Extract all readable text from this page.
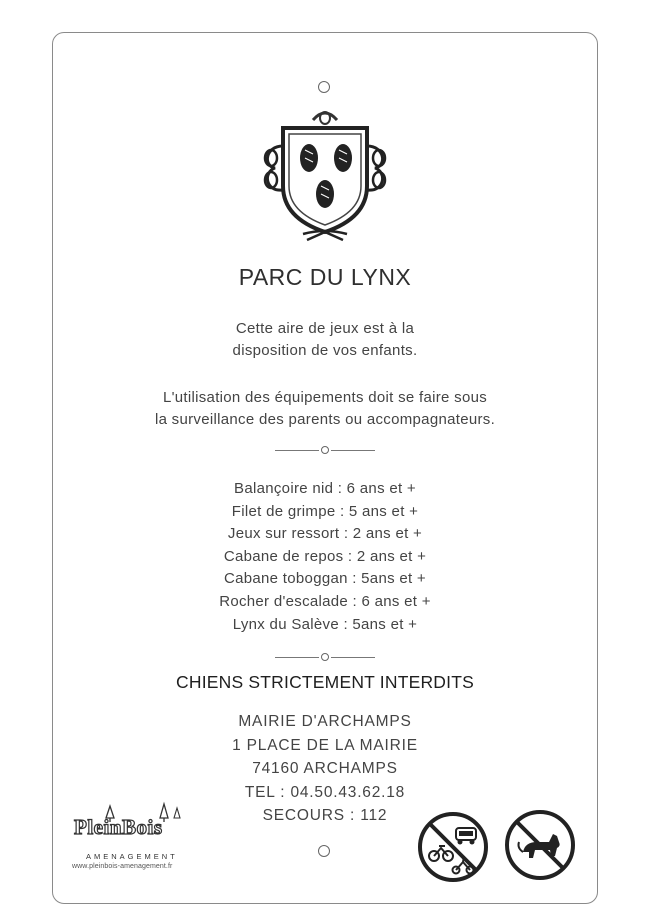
PARC DU LYNX
Cette aire de jeux est à la
disposition de vos enfants.
L'utilisation des équipements doit se faire sous
la surveillance des parents ou accompagnateurs.
Balançoire nid : 6 ans et +
Filet de grimpe : 5 ans et +
Jeux sur ressort : 2 ans et +
Cabane de repos : 2 ans et +
Cabane toboggan : 5ans et +
Rocher d'escalade : 6 ans et +
Lynx du Salève : 5ans et +
CHIENS STRICTEMENT INTERDITS
MAIRIE D'ARCHAMPS
1 PLACE DE LA MAIRIE
74160 ARCHAMPS
TEL : 04.50.43.62.18
SECOURS : 112
PleinBois
AMENAGEMENT
www.pleinbois-amenagement.fr
